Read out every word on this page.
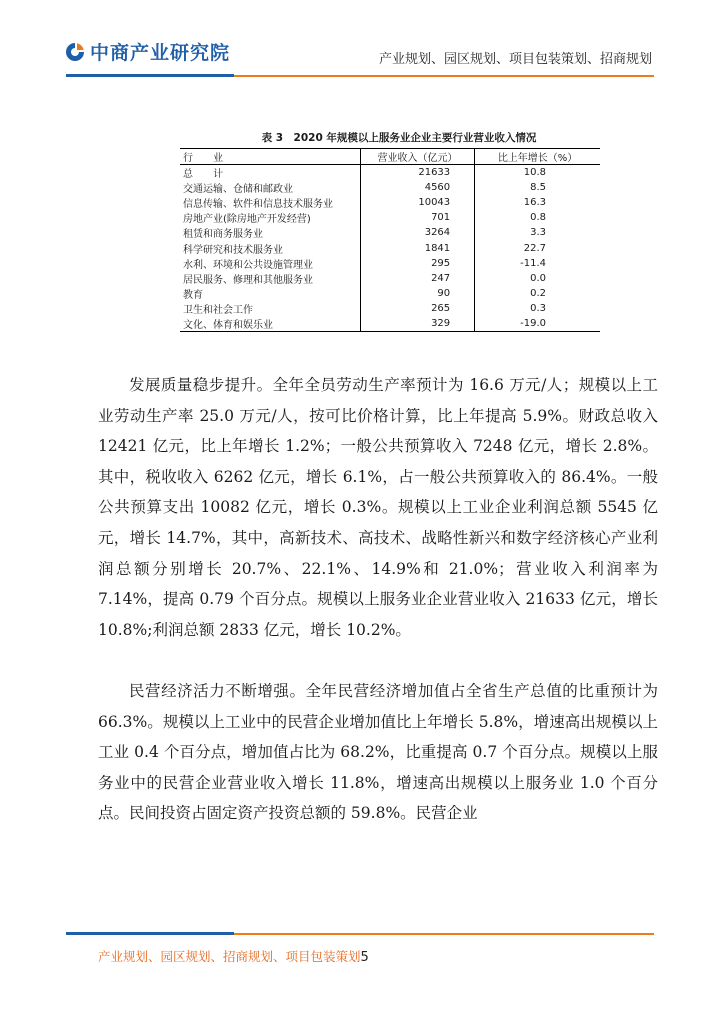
中商产业研究院	产业规划、园区规划、项目包装策划、招商规划
表 3　2020 年规模以上服务业企业主要行业营业收入情况
行　　业	营业收入（亿元）	比上年增长（%）
总　　计	21633	10.8
交通运输、仓储和邮政业	4560	8.5
信息传输、软件和信息技术服务业	10043	16.3
房地产业(除房地产开发经营)	701	0.8
租赁和商务服务业	3264	3.3
科学研究和技术服务业	1841	22.7
水利、环境和公共设施管理业	295	-11.4
居民服务、修理和其他服务业	247	0.0
教育	90	0.2
卫生和社会工作	265	0.3
文化、体育和娱乐业	329	-19.0

发展质量稳步提升。全年全员劳动生产率预计为 16.6 万元/人；规模以上工业劳动生产率 25.0 万元/人，按可比价格计算，比上年提高 5.9%。财政总收入 12421 亿元，比上年增长 1.2%；一般公共预算收入 7248 亿元，增长 2.8%。其中，税收收入 6262 亿元，增长 6.1%，占一般公共预算收入的 86.4%。一般公共预算支出 10082 亿元，增长 0.3%。规模以上工业企业利润总额 5545 亿元，增长 14.7%，其中，高新技术、高技术、战略性新兴和数字经济核心产业利润总额分别增长 20.7%、22.1%、14.9%和 21.0%；营业收入利润率为 7.14%，提高 0.79 个百分点。规模以上服务业企业营业收入 21633 亿元，增长 10.8%;利润总额 2833 亿元，增长 10.2%。

民营经济活力不断增强。全年民营经济增加值占全省生产总值的比重预计为 66.3%。规模以上工业中的民营企业增加值比上年增长 5.8%，增速高出规模以上工业 0.4 个百分点，增加值占比为 68.2%，比重提高 0.7 个百分点。规模以上服务业中的民营企业营业收入增长 11.8%，增速高出规模以上服务业 1.0 个百分点。民间投资占固定资产投资总额的 59.8%。民营企业

产业规划、园区规划、招商规划、项目包装策划5
